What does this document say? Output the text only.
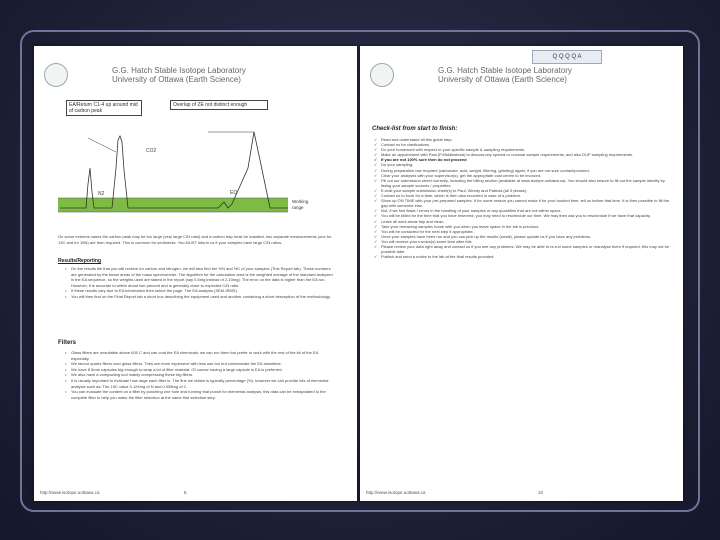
G.G. Hatch Stable Isotope Laboratory
University of Ottawa (Earth Science)
CO2
N2	EQ
EA/Return C1-4 up around mid of carbon peak
Overlap of ZE not distinct enough
Working range
On some extreme cases the carbon peak may be too large (very large C/N ratio) and a carbon trap must be installed, two separate measurements (one for 13C and for 15N) are then required. This is common for sediments. You MUST inform us if your samples have large C/N ratios.
Results/Reporting
• On the results file that you will receive for carbon and nitrogen, we will also find the %N and %C of your samples (This Report tab). These numbers are generated by the beam areas of the mass spectrometer. The algorithm for the calculation area is the weighted average of the standard analyzed in the EA sequence, so the weights used are stated in the report (say 0.5mg instead of 2-10mg). The error on the data is higher than the EA run. However, it is accurate to within about two percent and is generally close to expected C/N ratio.
• If these results vary due to EA information then select the page. The EA analysis (SEM-IRMS).
• You will then find on the Final Report tab a short box describing the equipment used and another containing a short description of the methodology.
Filters
• Glass filters are unsuitable above 600 C and can coat the EA chemicals; we can run them but prefer to work with the rest of the kit of the EA especially.
• We favour quartz filters over glass filters. They are more expensive with less use too but contaminate the EA downtime.
• We have 8 5mm capsules big enough to wrap a lot of filter material. Of course having a large capsule is EA is preferred.
• We also have a compacting tool mainly compressing these big filters.
• It is usually important to evaluate how large each filter is. The fine we obtain is typically percentage (%), however we can provide lots of elemental analysis such as: The 15C value 0.124mg of N and 0.958mg of C.
• You can evaluate the content on a filter by punching one hole and running that punch for elemental analysis; this data can be extrapolated to the complete filter to help you make the filter selection at the same first selection step.
http://www.isotope.uottawa.ca	8
G.G. Hatch Stable Isotope Laboratory
University of Ottawa (Earth Science)
Check-list from start to finish:
✓ Read and understand all this guide step.
✓ Contact us for clarifications.
✓ Do your homework with respect to your specific sample & sampling requirements.
✓ Make an appointment with Paul (P.Middlestead) to discuss any special or unusual sample requirements, and also DUP sampling requirements.
✓ If you are not 100% sure then do not proceed
✓ Do your sampling.
✓ During preparation use required (carbonate, acid, weight, filtering, grinding) again, if you are not sure contact/proceed.
✓ Clear your analyses with your supervisor(s), get the appropriate cost centre to be invoiced.
✓ Fill out our submission sheet correctly, including the billing section (available at www.isotope.uottawa.ca). You should also ensure to fill out the sample identity by listing your sample sources / properties.
✓ E-mail your sample submission sheet(s) to Paul, Wendy and Patricia (all 3 please).
✓ Contact us to book for a time, which is then also recorded in case of a problem.
✓ Show up ON TIME with your pre-prepared samples. If for some reason you cannot make it for your booked time, tell us before that time. It is then possible to fill the gap with someone else.
✓ Not, if we find flaws / errors in the handling of your samples or any quantities that are not within specs.
✓ You will be billed for the time that you have reserved; you may need to reschedule our time. We may then ask you to reschedule if we have that capacity.
✓ Leave all work areas tidy and clean.
✓ Take your remaining samples home with you when you leave space in the lab is precious.
✓ You will be contacted for the next step if appropriate.
✓ Once your samples have been run and you can pick up the results (email), please update us if you have any problems.
✓ You will receive your invoice(s) some time after this.
✓ Please review your data right away and contact us if you see any problems. We may be able to re-run some samples or reanalyse them if required, this may not be possible later.
✓ Publish and send a notice to the lab at the final results provided.
http://www.isotope.uottawa.ca	10
Q Q Q Q A
